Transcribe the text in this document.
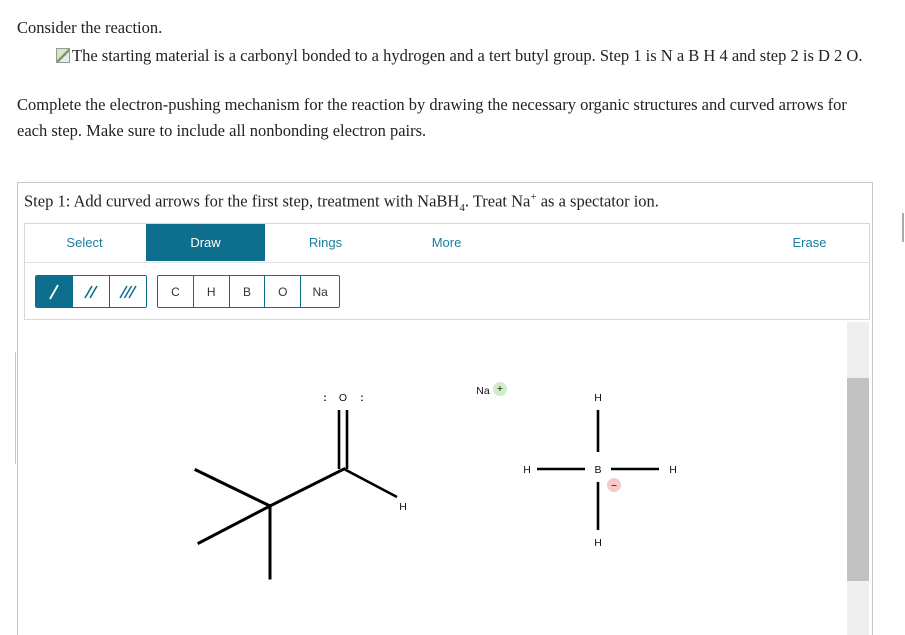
Consider the reaction.
The starting material is a carbonyl bonded to a hydrogen and a tert butyl group. Step 1 is N a B H 4 and step 2 is D 2 O.
Complete the electron-pushing mechanism for the reaction by drawing the necessary organic structures and curved arrows for each step. Make sure to include all nonbonding electron pairs.
Step 1: Add curved arrows for the first step, treatment with NaBH$_4$. Treat Na+ as a spectator ion.
Select	Draw	Rings	More	Erase
C	H	B	O	Na
O
:	:
H
Na +
H
H	B	H
H
−
